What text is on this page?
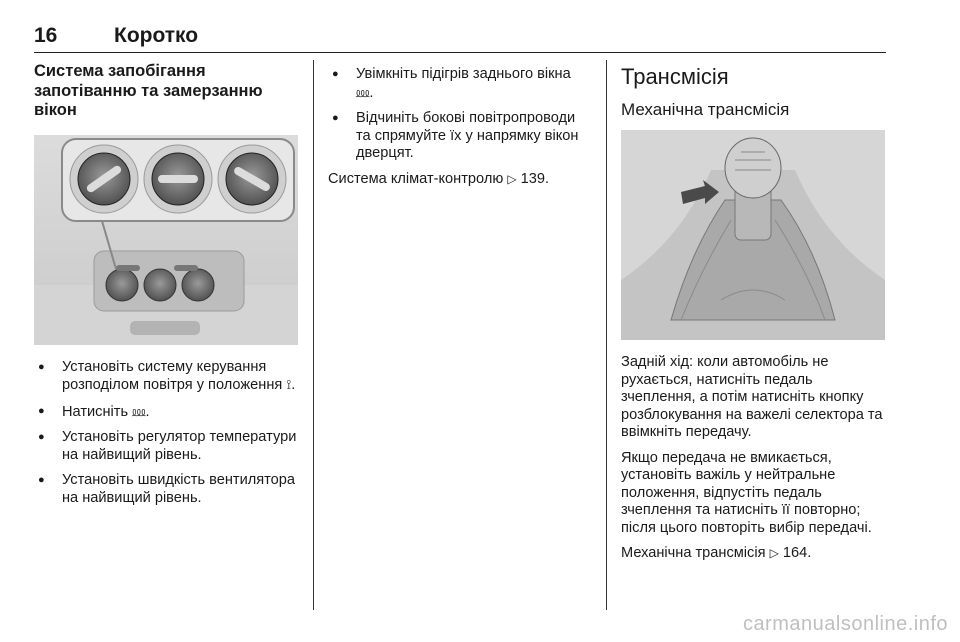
16	Коротко
Система запобігання запотіванню та замерзанню вікон
● Установіть систему керування розподілом повітря у положення ⟟.
● Натисніть ⅏.
● Установіть регулятор температури на найвищий рівень.
● Установіть швидкість вентилятора на найвищий рівень.
● Увімкніть підігрів заднього вікна ⅏.
● Відчиніть бокові повітропроводи та спрямуйте їх у напрямку вікон дверцят.

Система клімат-контролю ▷ 139.

Трансмісія
Механічна трансмісія

Задній хід: коли автомобіль не рухається, натисніть педаль зчеплення, а потім натисніть кнопку розблокування на важелі селектора та ввімкніть передачу.

Якщо передача не вмикається, установіть важіль у нейтральне положення, відпустіть педаль зчеплення та натисніть її повторно; після цього повторіть вибір передачі.

Механічна трансмісія ▷ 164.

carmanualsonline.info
